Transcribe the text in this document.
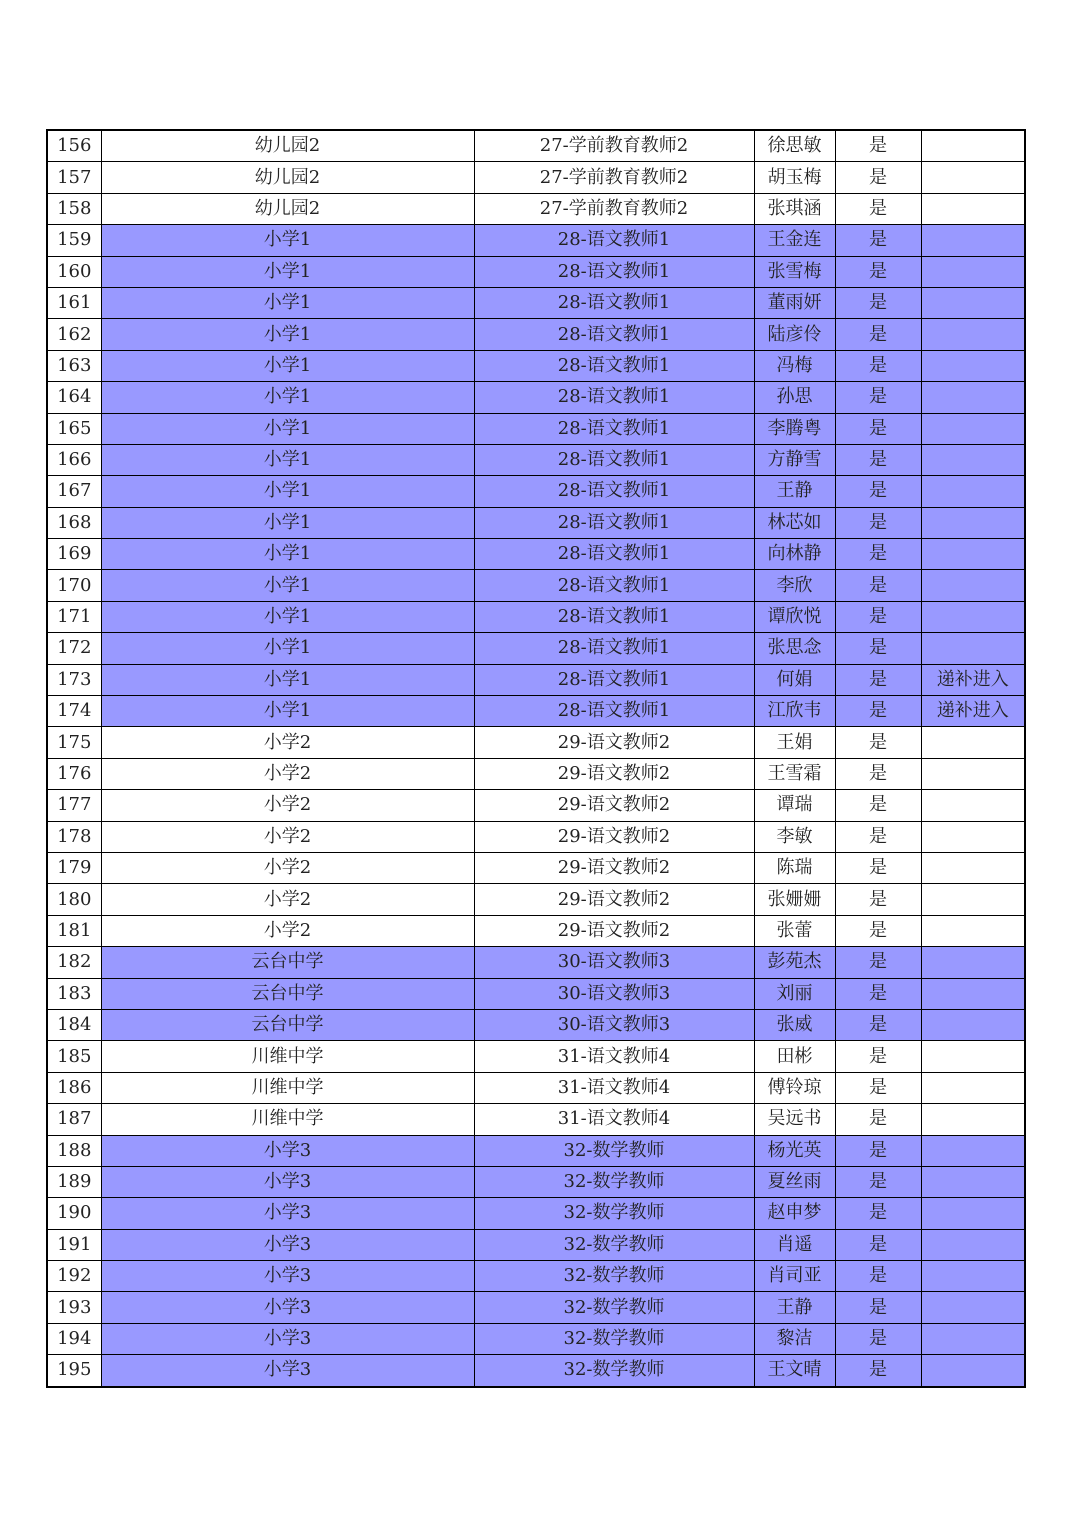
156	幼儿园2	27-学前教育教师2	徐思敏	是	
157	幼儿园2	27-学前教育教师2	胡玉梅	是	
158	幼儿园2	27-学前教育教师2	张琪涵	是	
159	小学1	28-语文教师1	王金连	是	
160	小学1	28-语文教师1	张雪梅	是	
161	小学1	28-语文教师1	董雨妍	是	
162	小学1	28-语文教师1	陆彦伶	是	
163	小学1	28-语文教师1	冯梅	是	
164	小学1	28-语文教师1	孙思	是	
165	小学1	28-语文教师1	李腾粤	是	
166	小学1	28-语文教师1	方静雪	是	
167	小学1	28-语文教师1	王静	是	
168	小学1	28-语文教师1	林芯如	是	
169	小学1	28-语文教师1	向林静	是	
170	小学1	28-语文教师1	李欣	是	
171	小学1	28-语文教师1	谭欣悦	是	
172	小学1	28-语文教师1	张思念	是	
173	小学1	28-语文教师1	何娟	是	递补进入
174	小学1	28-语文教师1	江欣韦	是	递补进入
175	小学2	29-语文教师2	王娟	是	
176	小学2	29-语文教师2	王雪霜	是	
177	小学2	29-语文教师2	谭瑞	是	
178	小学2	29-语文教师2	李敏	是	
179	小学2	29-语文教师2	陈瑞	是	
180	小学2	29-语文教师2	张姗姗	是	
181	小学2	29-语文教师2	张蕾	是	
182	云台中学	30-语文教师3	彭苑杰	是	
183	云台中学	30-语文教师3	刘丽	是	
184	云台中学	30-语文教师3	张威	是	
185	川维中学	31-语文教师4	田彬	是	
186	川维中学	31-语文教师4	傅铃琼	是	
187	川维中学	31-语文教师4	吴远书	是	
188	小学3	32-数学教师	杨光英	是	
189	小学3	32-数学教师	夏丝雨	是	
190	小学3	32-数学教师	赵申梦	是	
191	小学3	32-数学教师	肖遥	是	
192	小学3	32-数学教师	肖司亚	是	
193	小学3	32-数学教师	王静	是	
194	小学3	32-数学教师	黎洁	是	
195	小学3	32-数学教师	王文晴	是	
